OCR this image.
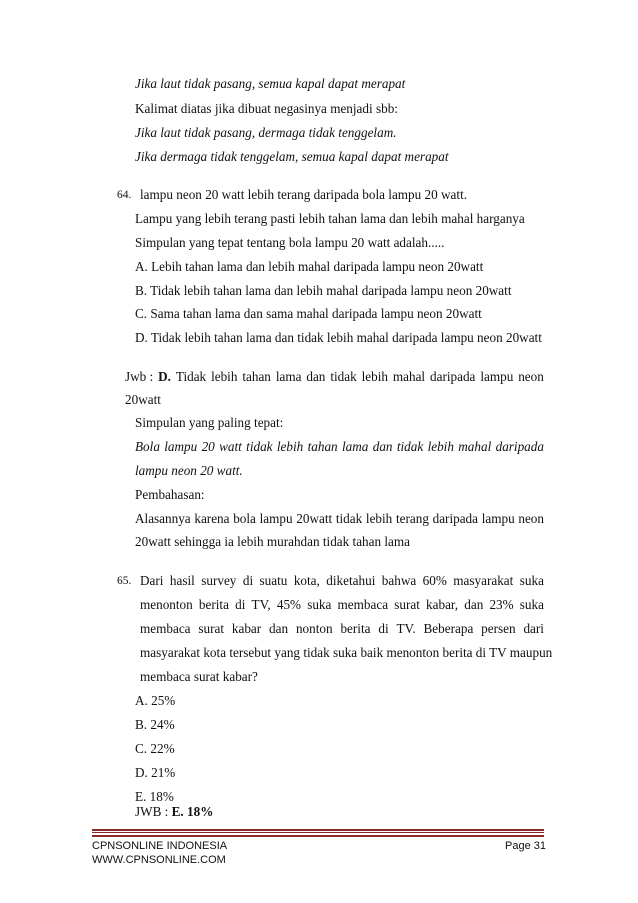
Jika laut tidak pasang, semua kapal dapat merapat
Kalimat diatas jika dibuat negasinya menjadi sbb:
Jika laut tidak pasang, dermaga tidak tenggelam.
Jika dermaga tidak tenggelam, semua kapal dapat merapat
64. lampu neon 20 watt lebih terang daripada bola lampu 20 watt.
Lampu yang lebih terang pasti lebih tahan lama dan lebih mahal harganya
Simpulan yang tepat tentang bola lampu 20 watt adalah.....
A. Lebih tahan lama dan lebih mahal daripada lampu neon 20watt
B. Tidak lebih tahan lama dan lebih mahal daripada lampu neon 20watt
C. Sama tahan lama dan sama mahal daripada lampu neon 20watt
D. Tidak lebih tahan lama dan tidak lebih mahal daripada lampu neon 20watt
Jwb : D. Tidak lebih tahan lama dan tidak lebih mahal daripada lampu neon
20watt
Simpulan yang paling tepat:
Bola lampu 20 watt tidak lebih tahan lama dan tidak lebih mahal daripada
lampu neon 20 watt.
Pembahasan:
Alasannya karena bola lampu 20watt tidak lebih terang daripada lampu neon
20watt sehingga ia lebih murahdan tidak tahan lama
65. Dari hasil survey di suatu kota, diketahui bahwa 60% masyarakat suka
menonton berita di TV, 45% suka membaca surat kabar, dan 23% suka
membaca surat kabar dan nonton berita di TV. Beberapa persen dari
masyarakat kota tersebut yang tidak suka baik menonton berita di TV maupun
membaca surat kabar?
A. 25%
B. 24%
C. 22%
D. 21%
E. 18%
JWB : E. 18%
CPNSONLINE INDONESIA
WWW.CPNSONLINE.COM
Page 31
